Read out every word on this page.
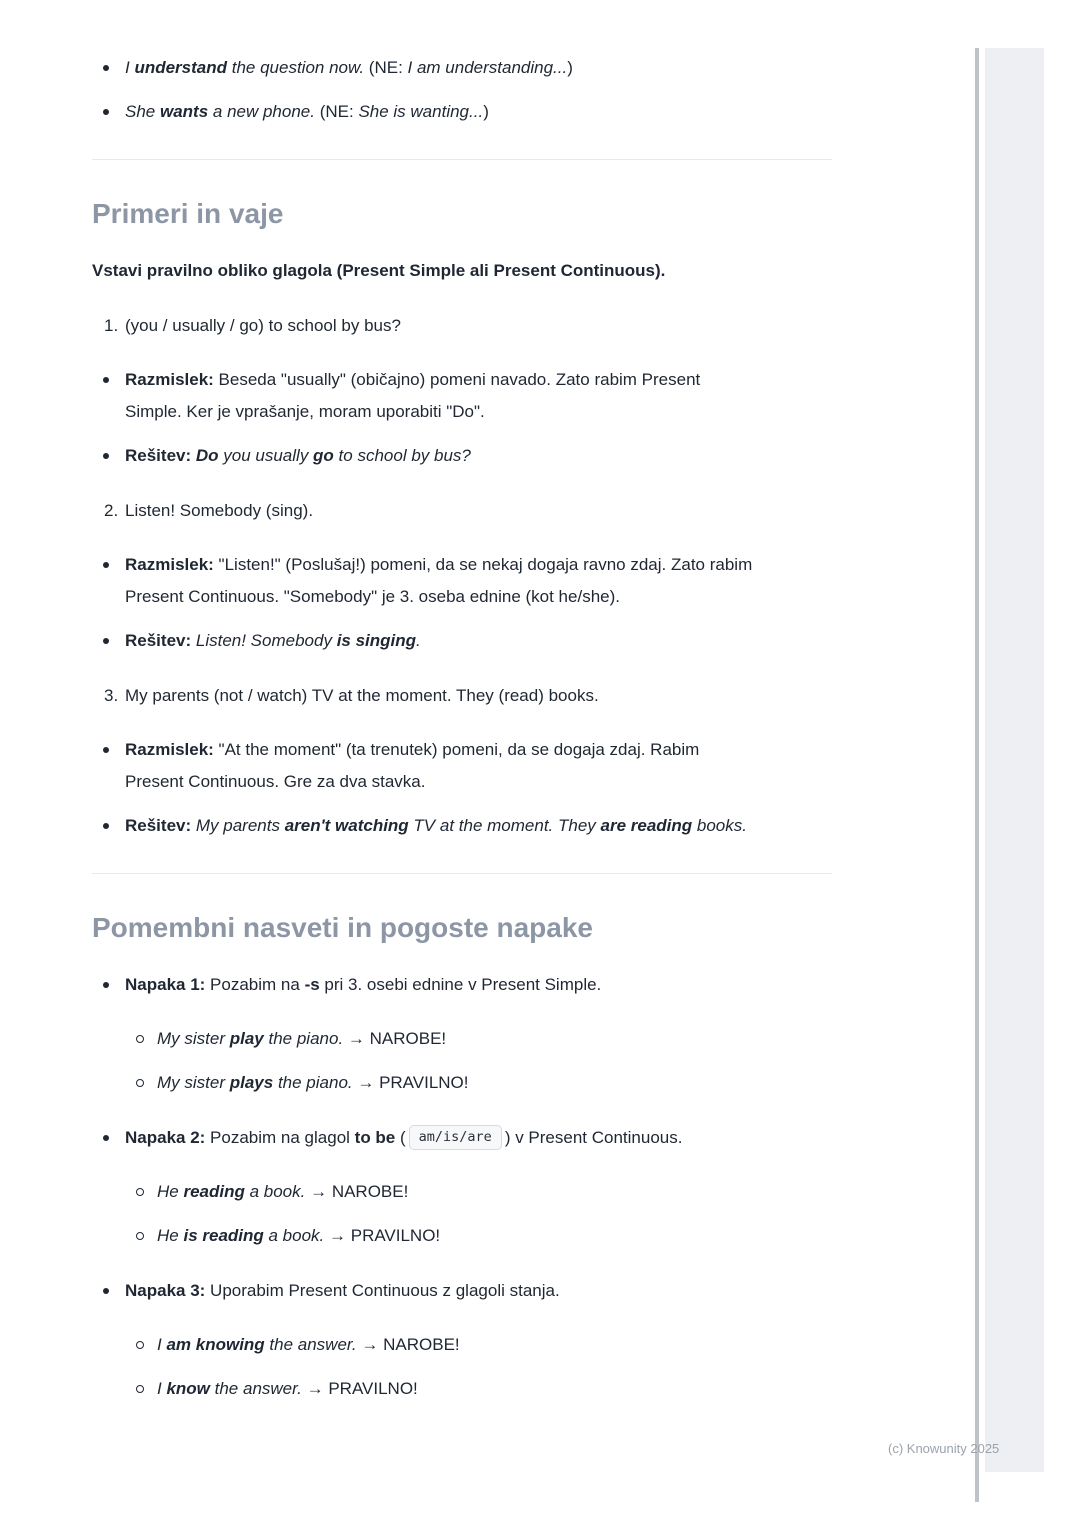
I understand the question now. (NE: I am understanding...)
She wants a new phone. (NE: She is wanting...)
Primeri in vaje

Vstavi pravilno obliko glagola (Present Simple ali Present Continuous).

1. (you / usually / go) to school by bus?
Razmislek: Beseda "usually" (običajno) pomeni navado. Zato rabim Present Simple. Ker je vprašanje, moram uporabiti "Do".
Rešitev: Do you usually go to school by bus?
2. Listen! Somebody (sing).
Razmislek: "Listen!" (Poslušaj!) pomeni, da se nekaj dogaja ravno zdaj. Zato rabim Present Continuous. "Somebody" je 3. oseba ednine (kot he/she).
Rešitev: Listen! Somebody is singing.
3. My parents (not / watch) TV at the moment. They (read) books.
Razmislek: "At the moment" (ta trenutek) pomeni, da se dogaja zdaj. Rabim Present Continuous. Gre za dva stavka.
Rešitev: My parents aren't watching TV at the moment. They are reading books.
Pomembni nasveti in pogoste napake
Napaka 1: Pozabim na -s pri 3. osebi ednine v Present Simple.
My sister play the piano. → NAROBE!
My sister plays the piano. → PRAVILNO!
Napaka 2: Pozabim na glagol to be ( am/is/are ) v Present Continuous.
He reading a book. → NAROBE!
He is reading a book. → PRAVILNO!
Napaka 3: Uporabim Present Continuous z glagoli stanja.
I am knowing the answer. → NAROBE!
I know the answer. → PRAVILNO!
(c) Knowunity 2025
